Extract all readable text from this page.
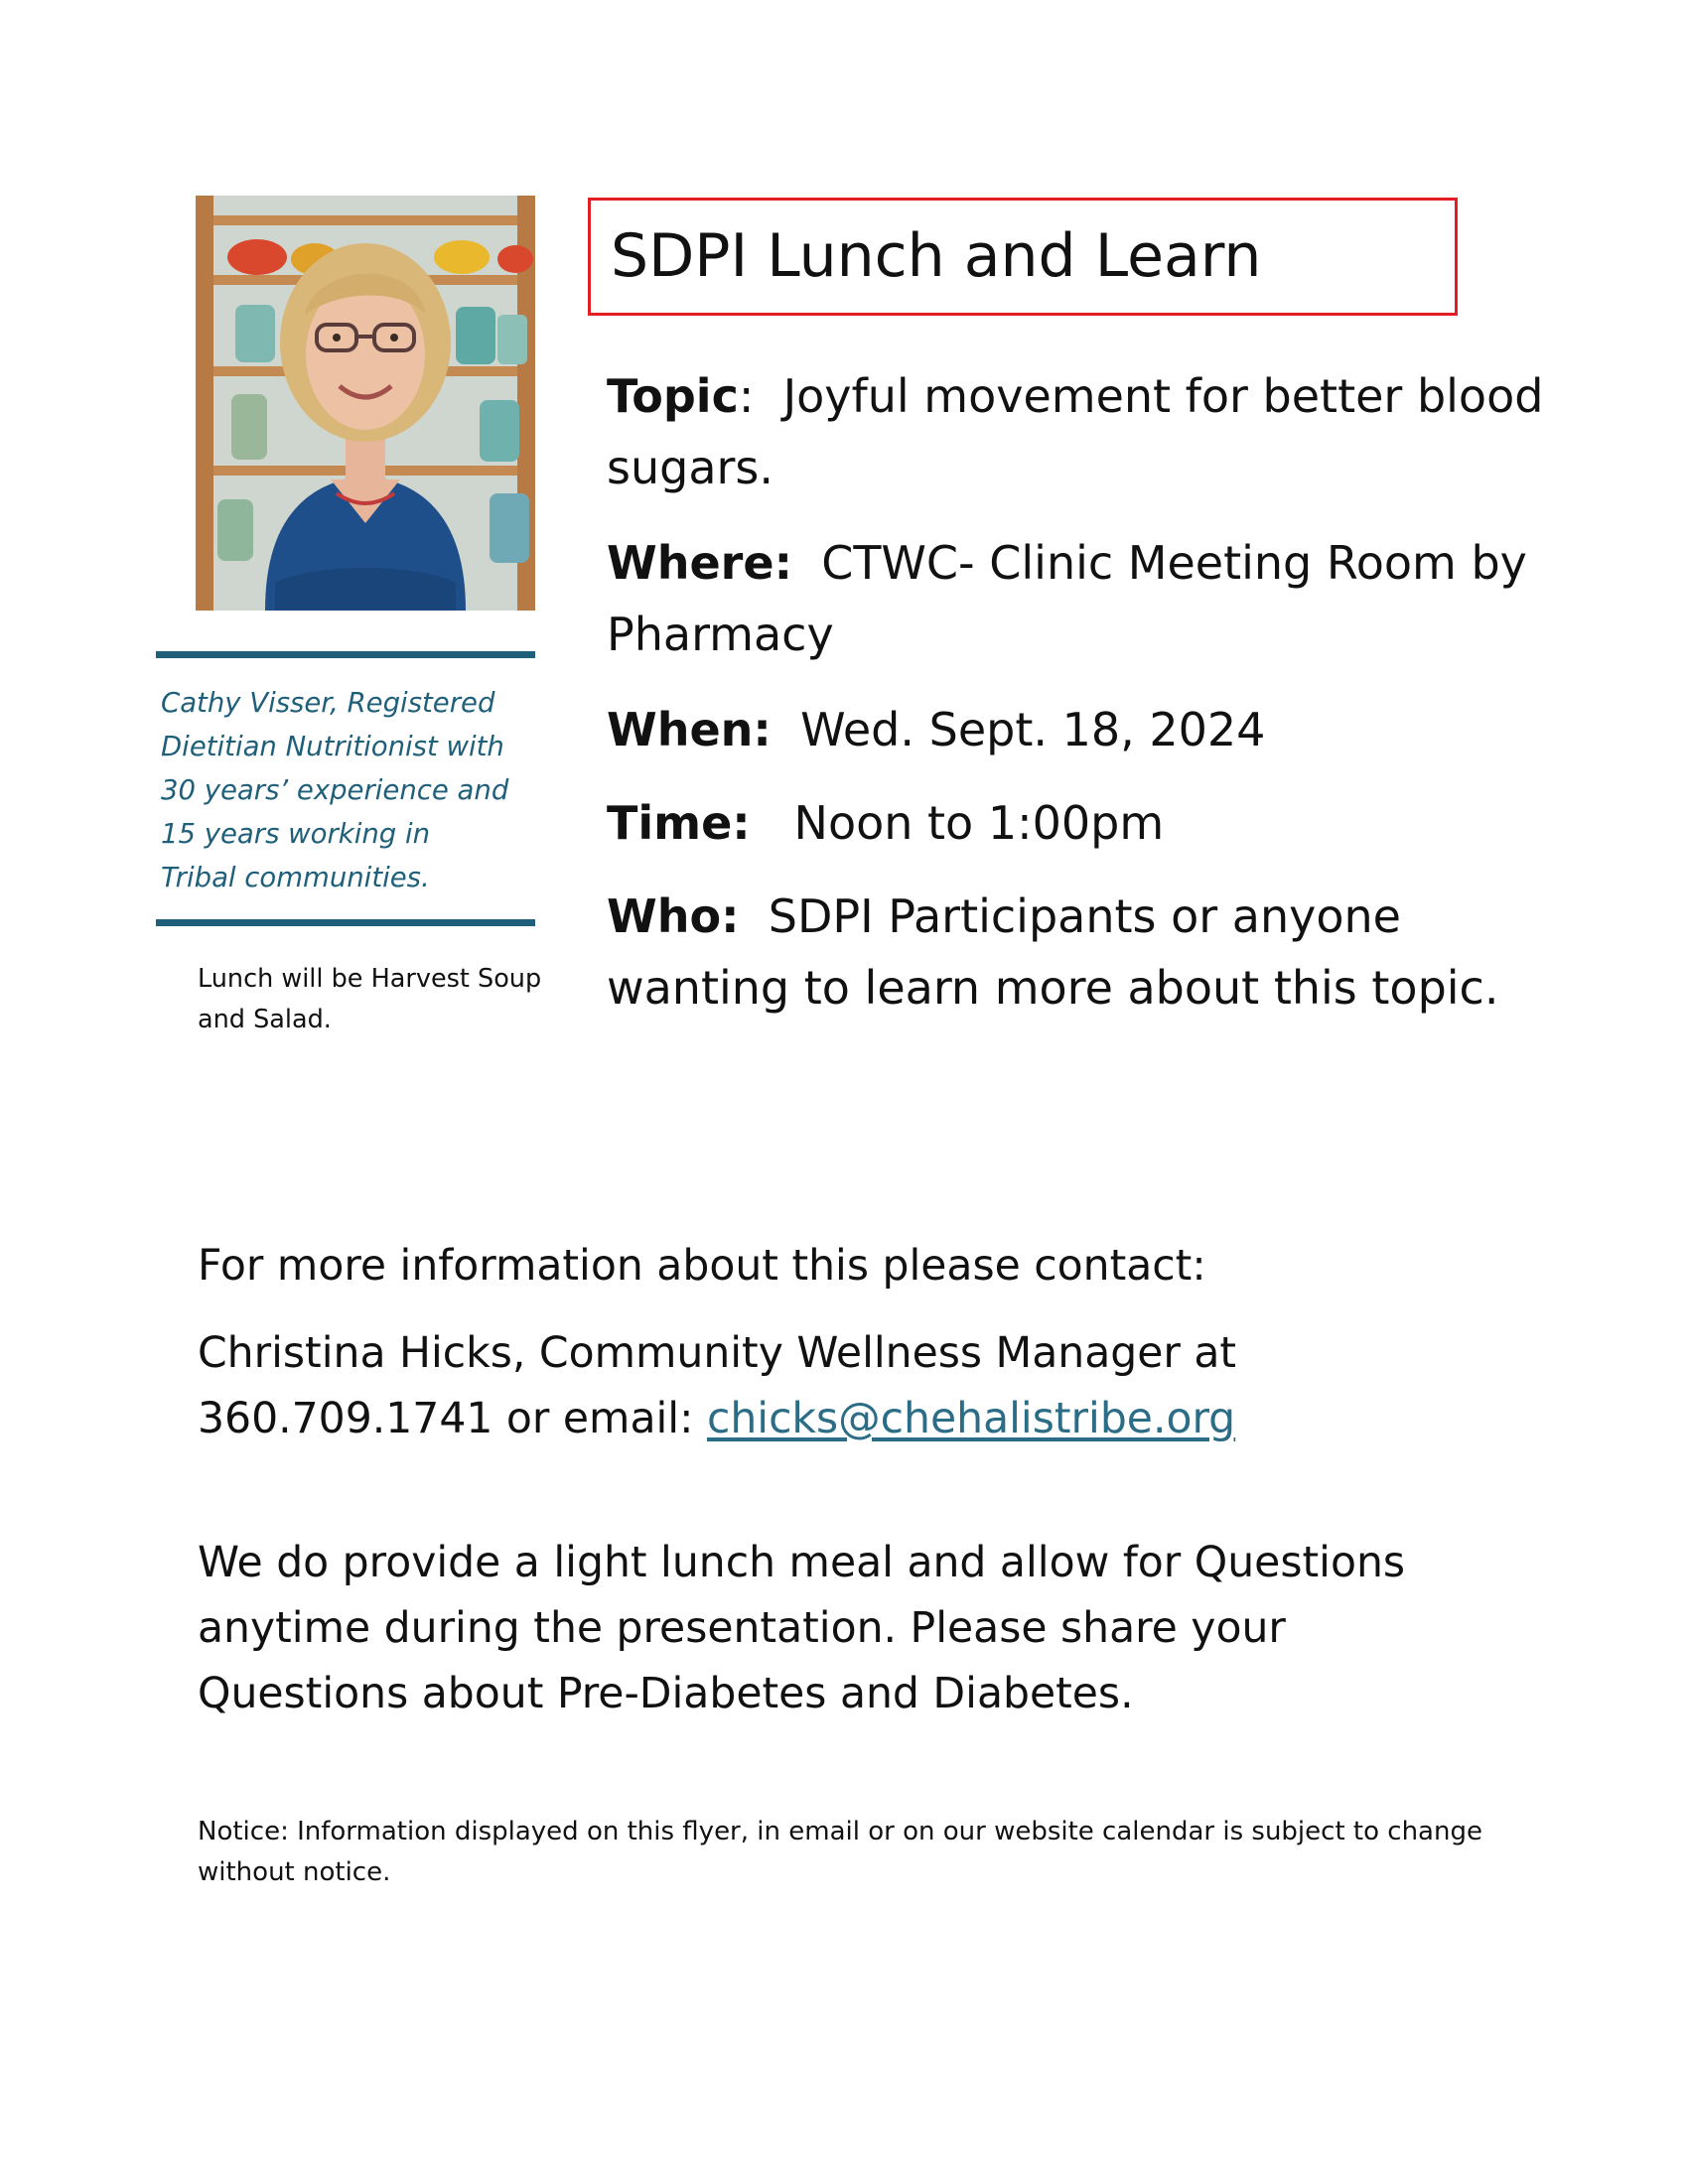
Cathy Visser, Registered
Dietitian Nutritionist with
30 years’ experience and
15 years working in
Tribal communities.
Lunch will be Harvest Soup
and Salad.
SDPI Lunch and Learn
Topic:  Joyful movement for better blood
sugars.
Where: CTWC- Clinic Meeting Room by
Pharmacy
When: Wed. Sept. 18, 2024
Time: Noon to 1:00pm
Who: SDPI Participants or anyone
wanting to learn more about this topic.
For more information about this please contact:
Christina Hicks, Community Wellness Manager at
360.709.1741 or email: chicks@chehalistribe.org
We do provide a light lunch meal and allow for Questions
anytime during the presentation. Please share your
Questions about Pre-Diabetes and Diabetes.
Notice: Information displayed on this flyer, in email or on our website calendar is subject to change
without notice.
